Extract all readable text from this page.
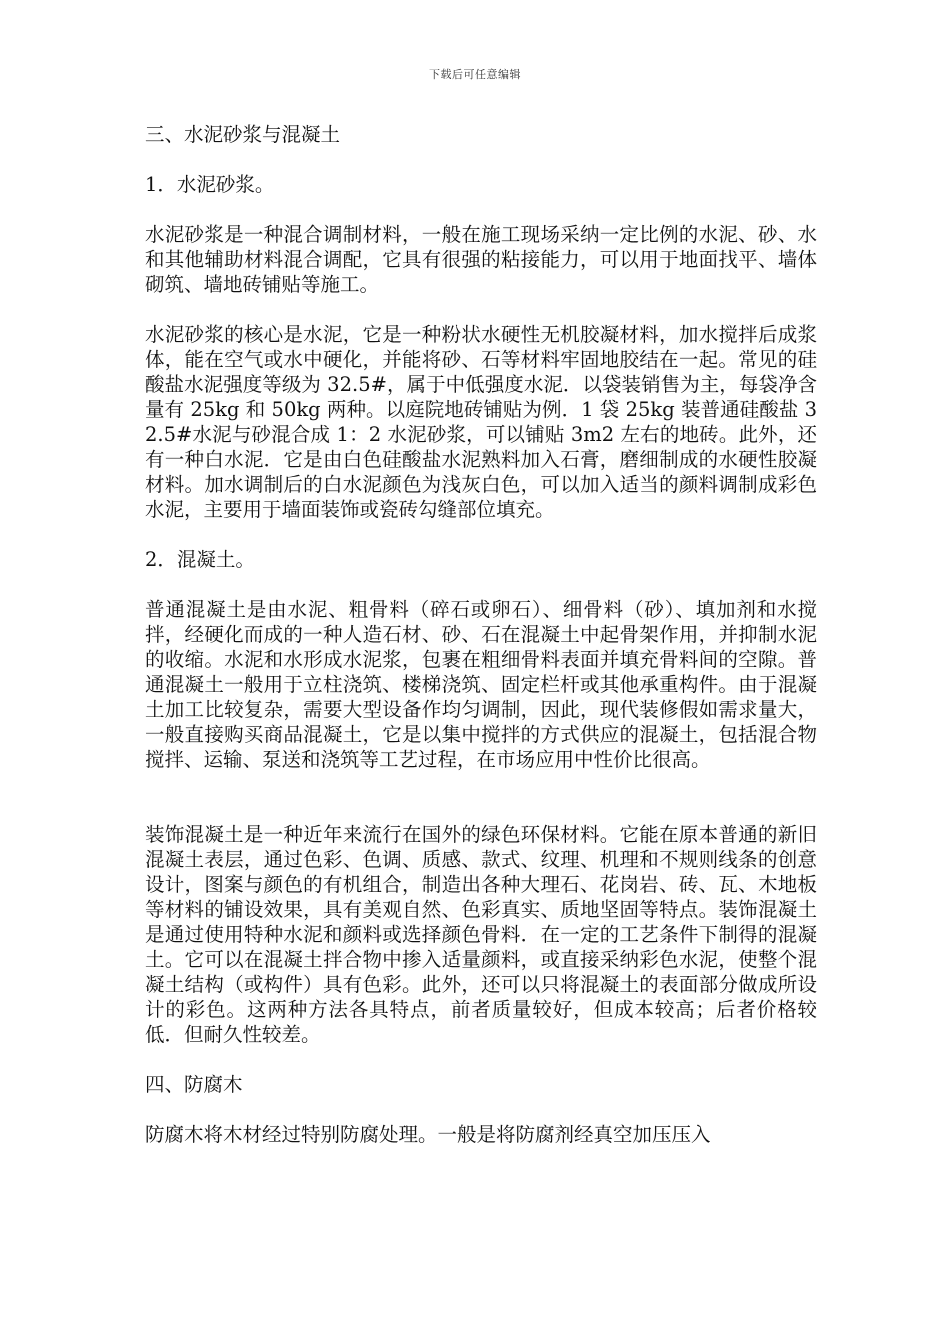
下载后可任意编辑

三、水泥砂浆与混凝土

1．水泥砂浆。

水泥砂浆是一种混合调制材料，一般在施工现场采纳一定比例的水泥、砂、水和其他辅助材料混合调配，它具有很强的粘接能力，可以用于地面找平、墙体砌筑、墙地砖铺贴等施工。

水泥砂浆的核心是水泥，它是一种粉状水硬性无机胶凝材料，加水搅拌后成浆体，能在空气或水中硬化，并能将砂、石等材料牢固地胶结在一起。常见的硅酸盐水泥强度等级为 32.5#，属于中低强度水泥．以袋装销售为主，每袋净含量有 25kg 和 50kg 两种。以庭院地砖铺贴为例．1 袋 25kg 装普通硅酸盐 32.5#水泥与砂混合成 1：2 水泥砂浆，可以铺贴 3m2 左右的地砖。此外，还有一种白水泥．它是由白色硅酸盐水泥熟料加入石膏，磨细制成的水硬性胶凝材料。加水调制后的白水泥颜色为浅灰白色，可以加入适当的颜料调制成彩色水泥，主要用于墙面装饰或瓷砖勾缝部位填充。

2．混凝土。

普通混凝土是由水泥、粗骨料（碎石或卵石）、细骨料（砂）、填加剂和水搅拌，经硬化而成的一种人造石材、砂、石在混凝土中起骨架作用，并抑制水泥的收缩。水泥和水形成水泥浆，包裹在粗细骨料表面并填充骨料间的空隙。普通混凝土一般用于立柱浇筑、楼梯浇筑、固定栏杆或其他承重构件。由于混凝土加工比较复杂，需要大型设备作均匀调制，因此，现代装修假如需求量大，一般直接购买商品混凝土，它是以集中搅拌的方式供应的混凝土，包括混合物搅拌、运输、泵送和浇筑等工艺过程，在市场应用中性价比很高。

装饰混凝土是一种近年来流行在国外的绿色环保材料。它能在原本普通的新旧混凝土表层，通过色彩、色调、质感、款式、纹理、机理和不规则线条的创意设计，图案与颜色的有机组合，制造出各种大理石、花岗岩、砖、瓦、木地板等材料的铺设效果，具有美观自然、色彩真实、质地坚固等特点。装饰混凝土是通过使用特种水泥和颜料或选择颜色骨料．在一定的工艺条件下制得的混凝土。它可以在混凝土拌合物中掺入适量颜料，或直接采纳彩色水泥，使整个混凝土结构（或构件）具有色彩。此外，还可以只将混凝土的表面部分做成所设计的彩色。这两种方法各具特点，前者质量较好，但成本较高；后者价格较低．但耐久性较差。

四、防腐木

防腐木将木材经过特别防腐处理。一般是将防腐剂经真空加压压入
